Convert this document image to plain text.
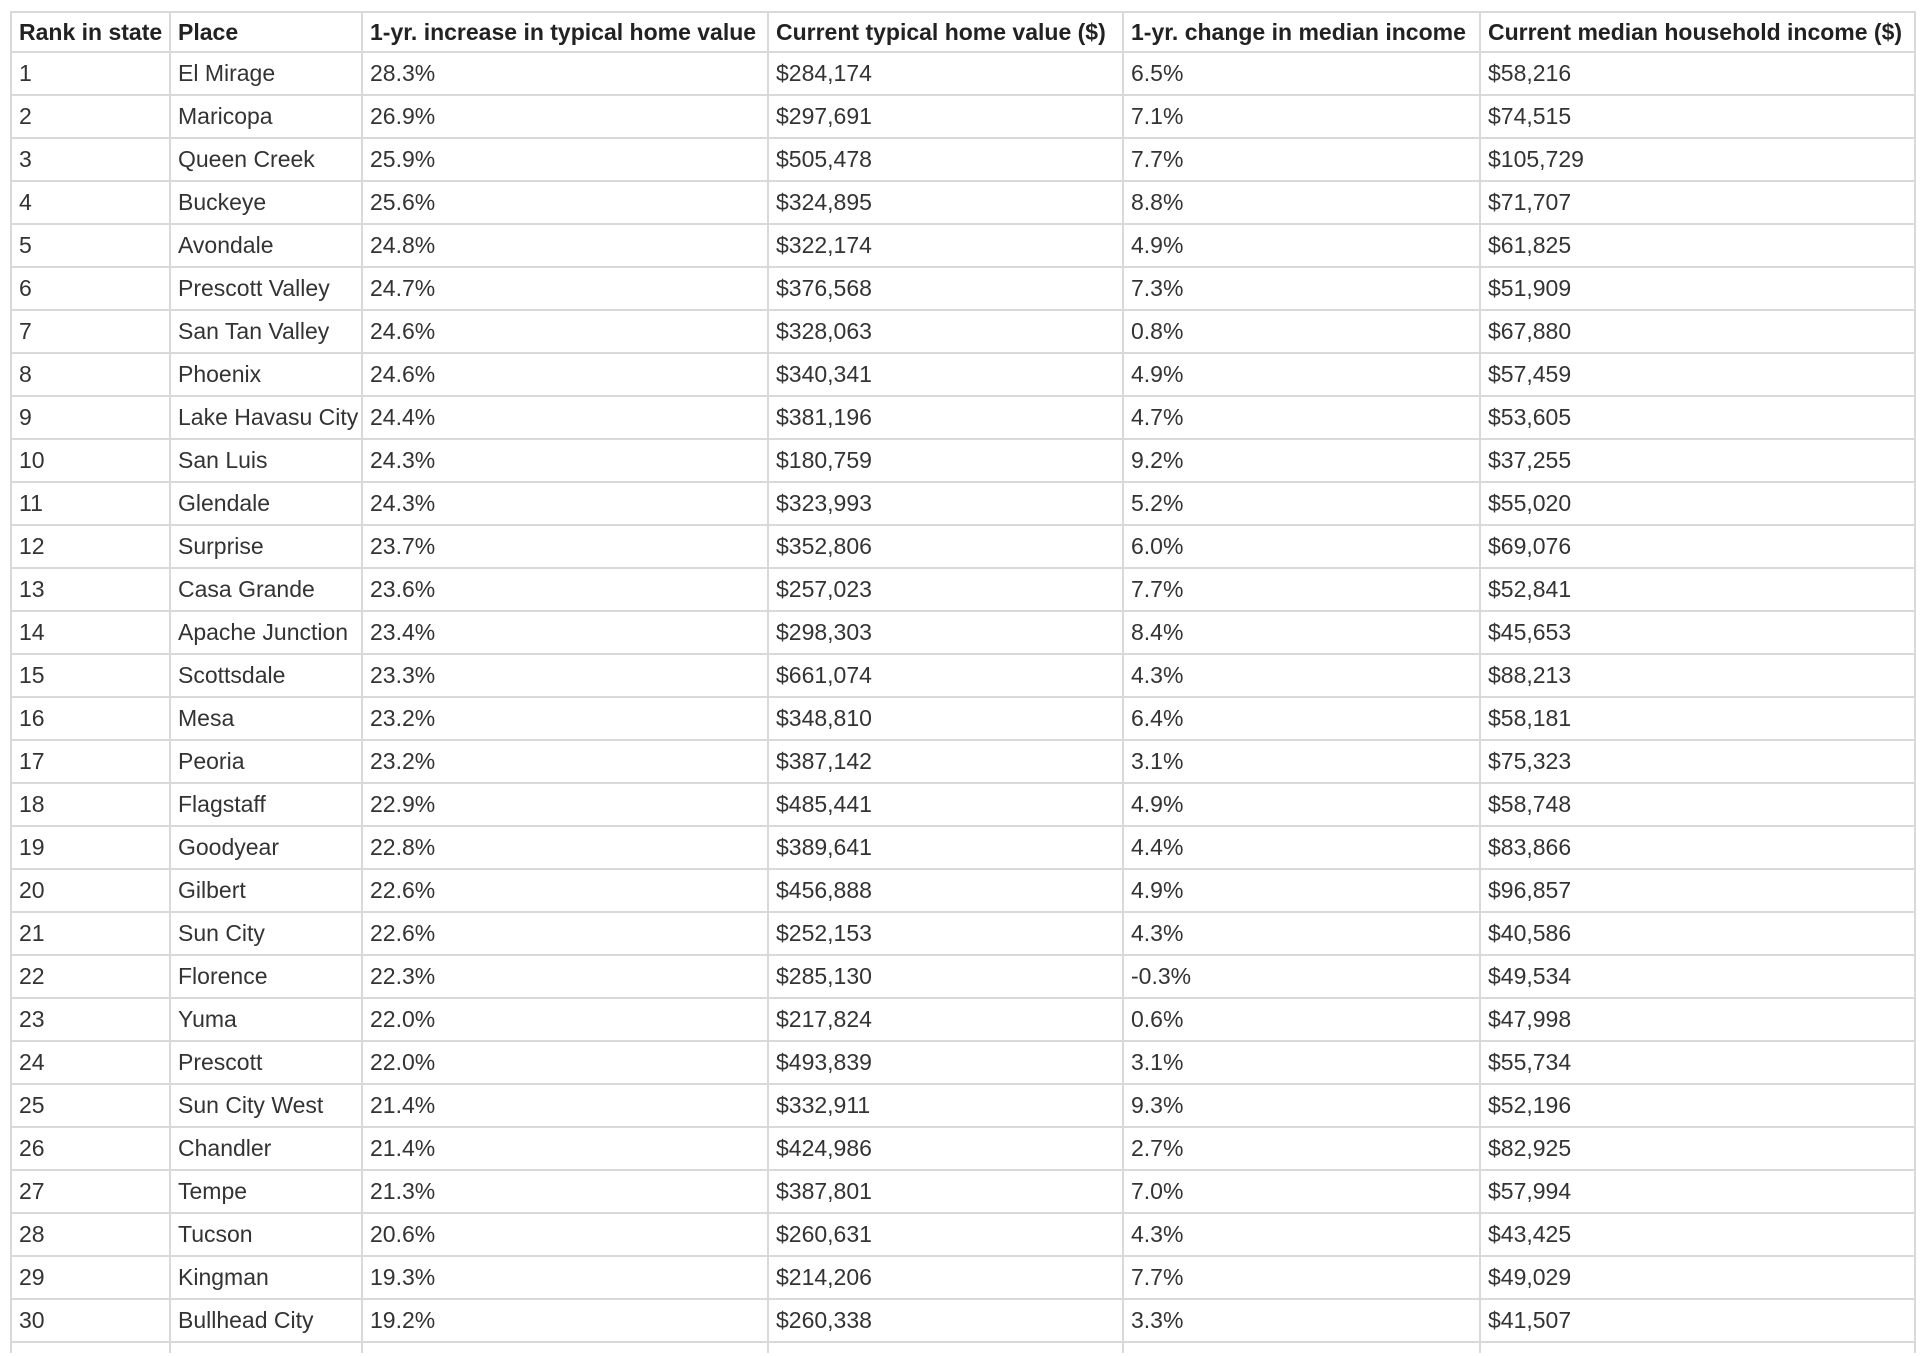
Rank in state	Place	1-yr. increase in typical home value	Current typical home value ($)	1-yr. change in median income	Current median household income ($)
1	El Mirage	28.3%	$284,174	6.5%	$58,216
2	Maricopa	26.9%	$297,691	7.1%	$74,515
3	Queen Creek	25.9%	$505,478	7.7%	$105,729
4	Buckeye	25.6%	$324,895	8.8%	$71,707
5	Avondale	24.8%	$322,174	4.9%	$61,825
6	Prescott Valley	24.7%	$376,568	7.3%	$51,909
7	San Tan Valley	24.6%	$328,063	0.8%	$67,880
8	Phoenix	24.6%	$340,341	4.9%	$57,459
9	Lake Havasu City	24.4%	$381,196	4.7%	$53,605
10	San Luis	24.3%	$180,759	9.2%	$37,255
11	Glendale	24.3%	$323,993	5.2%	$55,020
12	Surprise	23.7%	$352,806	6.0%	$69,076
13	Casa Grande	23.6%	$257,023	7.7%	$52,841
14	Apache Junction	23.4%	$298,303	8.4%	$45,653
15	Scottsdale	23.3%	$661,074	4.3%	$88,213
16	Mesa	23.2%	$348,810	6.4%	$58,181
17	Peoria	23.2%	$387,142	3.1%	$75,323
18	Flagstaff	22.9%	$485,441	4.9%	$58,748
19	Goodyear	22.8%	$389,641	4.4%	$83,866
20	Gilbert	22.6%	$456,888	4.9%	$96,857
21	Sun City	22.6%	$252,153	4.3%	$40,586
22	Florence	22.3%	$285,130	-0.3%	$49,534
23	Yuma	22.0%	$217,824	0.6%	$47,998
24	Prescott	22.0%	$493,839	3.1%	$55,734
25	Sun City West	21.4%	$332,911	9.3%	$52,196
26	Chandler	21.4%	$424,986	2.7%	$82,925
27	Tempe	21.3%	$387,801	7.0%	$57,994
28	Tucson	20.6%	$260,631	4.3%	$43,425
29	Kingman	19.3%	$214,206	7.7%	$49,029
30	Bullhead City	19.2%	$260,338	3.3%	$41,507
